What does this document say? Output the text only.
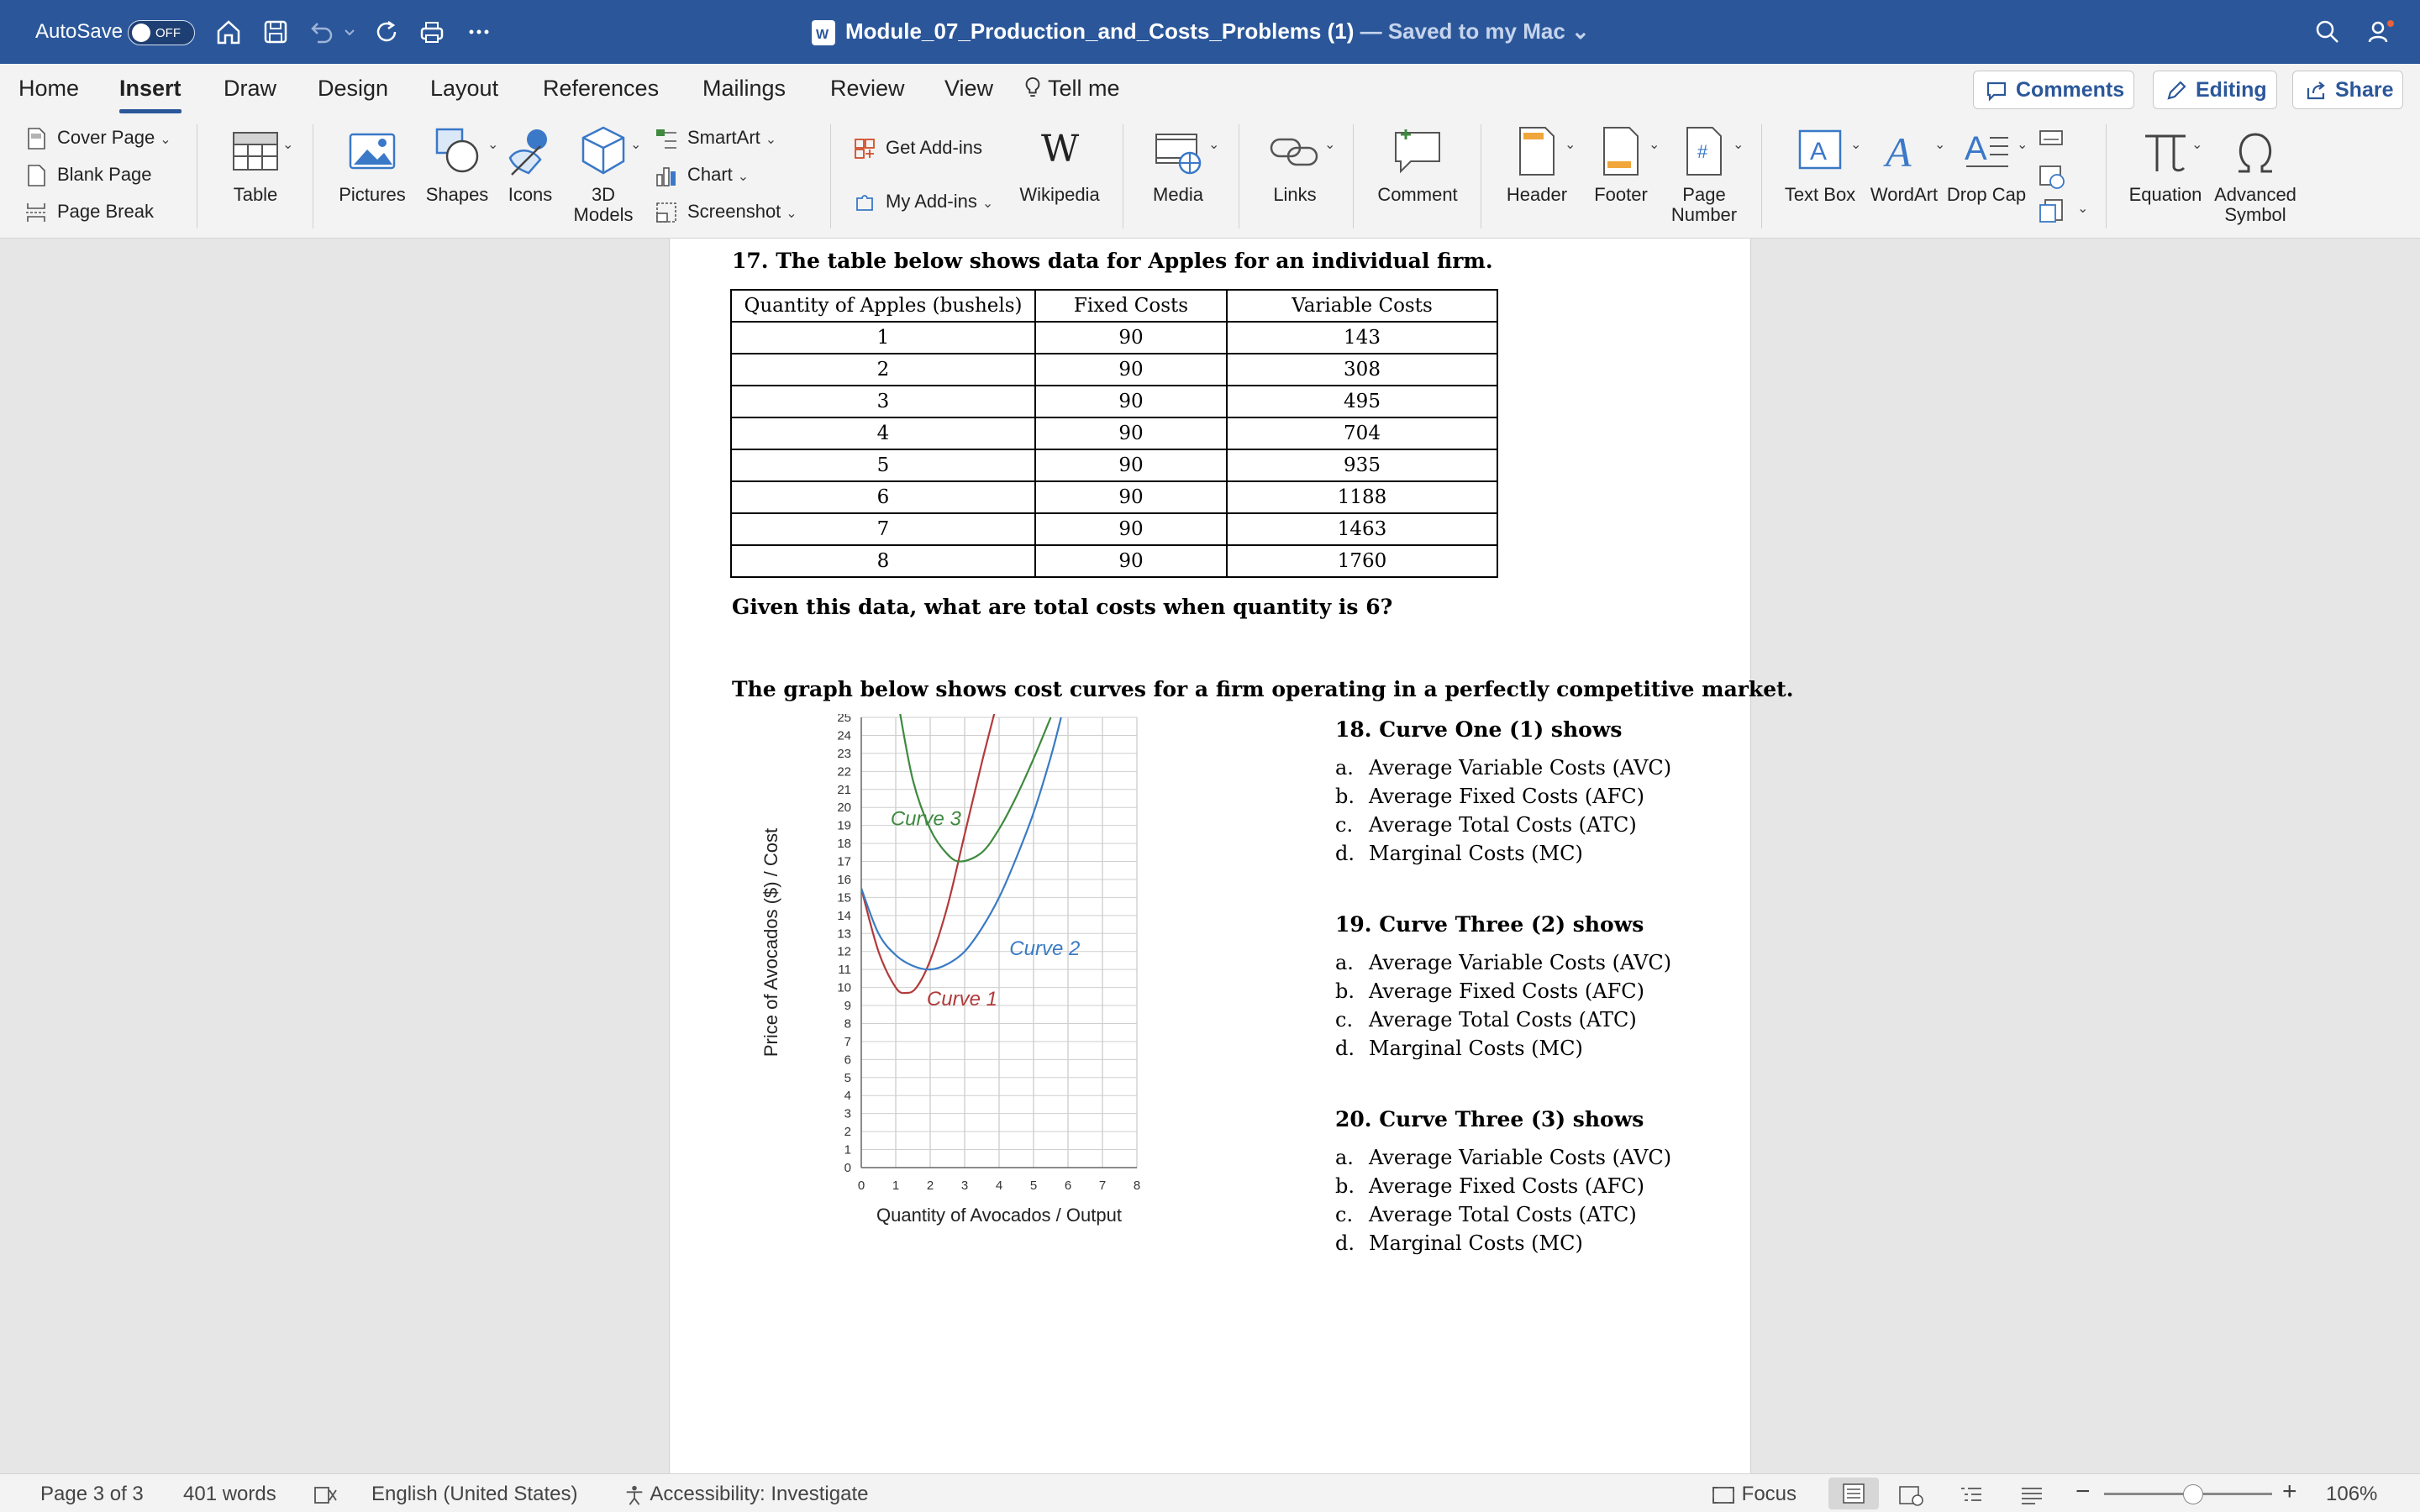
AutoSave	OFF	W Module_07_Production_and_Costs_Problems (1) — Saved to my Mac ⌄
Home Insert Draw Design Layout References Mailings Review View	Tell me	Comments	Editing	Share
Cover Page ⌄
Blank Page
Page Break
Table
⌄
Pictures	Shapes	Icons	3D Models
⌄	⌄	SmartArt ⌄
Chart ⌄
Screenshot ⌄
Get Add-ins
My Add-ins ⌄
W
Wikipedia	Media
⌄
Links
⌄
Comment	Header
⌄
Footer
⌄ #
Page Number
⌄	A
Text Box
⌄ A
WordArt
⌄ A
Drop Cap
⌄
⌄
Equation
⌄
Advanced Symbol
17. The table below shows data for Apples for an individual firm.
Quantity of Apples (bushels)	Fixed Costs	Variable Costs
1	90	143
2	90	308
3	90	495
4	90	704
5	90	935
6	90	1188
7	90	1463
8	90	1760
Given this data, what are total costs when quantity is 6?
The graph below shows cost curves for a firm operating in a perfectly competitive market.
0 1 2 3 4 5 6 7 8
0
1
2
3
4
5
6
7
8
9
10
11
12
13
14
15
16
17
18
19
20
21
22
23
24
25
Quantity of Avocados / Output
Price of Avocados ($) / Cost	Curve 1
Curve 2
Curve 3
18. Curve One (1) shows
a. Average Variable Costs (AVC)
b. Average Fixed Costs (AFC)
c. Average Total Costs (ATC)
d. Marginal Costs (MC)
19. Curve Three (2) shows
a. Average Variable Costs (AVC)
b. Average Fixed Costs (AFC)
c. Average Total Costs (ATC)
d. Marginal Costs (MC)
20. Curve Three (3) shows
a. Average Variable Costs (AVC)
b. Average Fixed Costs (AFC)
c. Average Total Costs (ATC)
d. Marginal Costs (MC)
Page 3 of 3 401 words	English (United States)	Accessibility: Investigate	Focus	−	+ 106%
